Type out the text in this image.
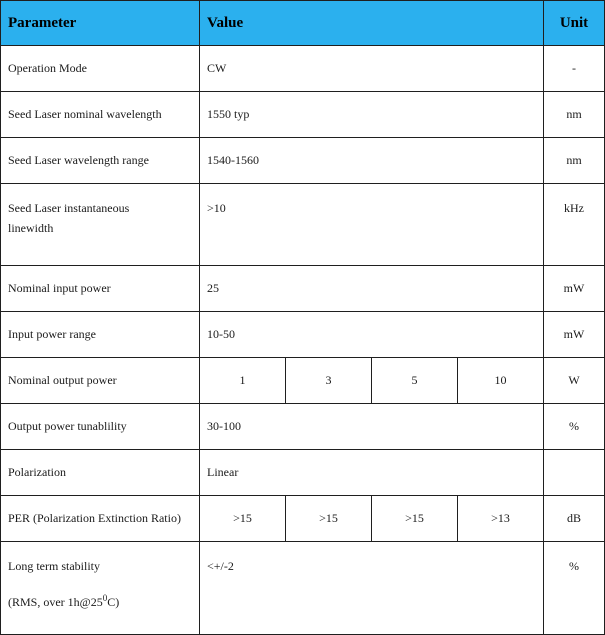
Parameter	Value				Unit
Operation Mode	CW				-
Seed Laser nominal wavelength	1550 typ				nm
Seed Laser wavelength range	1540-1560				nm

Seed Laser instantaneous
linewidth	>10				kHz
Nominal input power	25				mW
Input power range	10-50				mW
Nominal output power	1	3	5	10	W
Output power tunablility	30-100				%
Polarization	Linear				
PER (Polarization Extinction Ratio)	>15	>15	>15	>13	dB

Long term stability
(RMS, over $1h@25^0C$)	<+/-2				%
